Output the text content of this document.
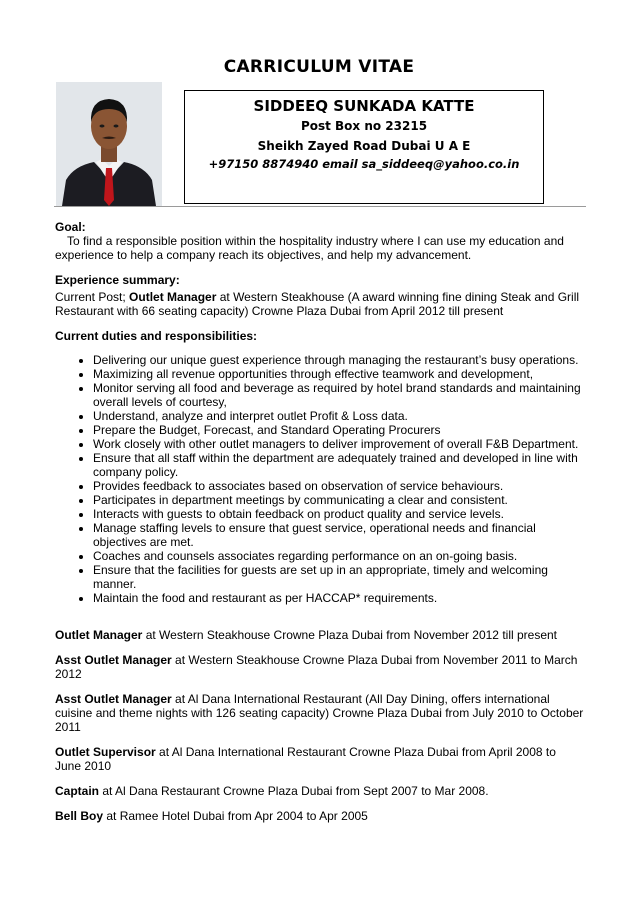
CARRICULUM VITAE
SIDDEEQ SUNKADA KATTE
Post Box no 23215
Sheikh Zayed Road Dubai U A E
+97150 8874940 email sa_siddeeq@yahoo.co.in

Goal:

To find a responsible position within the hospitality industry where I can use my education and experience to help a company reach its objectives, and help my advancement.

Experience summary:

Current Post; Outlet Manager at Western Steakhouse (A award winning fine dining Steak and Grill Restaurant with 66 seating capacity) Crowne Plaza Dubai from April 2012 till present

Current duties and responsibilities:

• Delivering our unique guest experience through managing the restaurant’s busy operations.
• Maximizing all revenue opportunities through effective teamwork and development,
• Monitor serving all food and beverage as required by hotel brand standards and maintaining overall levels of courtesy,
• Understand, analyze and interpret outlet Profit & Loss data.
• Prepare the Budget, Forecast, and Standard Operating Procurers
• Work closely with other outlet managers to deliver improvement of overall F&B Department.
• Ensure that all staff within the department are adequately trained and developed in line with company policy.
• Provides feedback to associates based on observation of service behaviours.
• Participates in department meetings by communicating a clear and consistent.
• Interacts with guests to obtain feedback on product quality and service levels.
• Manage staffing levels to ensure that guest service, operational needs and financial objectives are met.
• Coaches and counsels associates regarding performance on an on-going basis.
• Ensure that the facilities for guests are set up in an appropriate, timely and welcoming manner.
• Maintain the food and restaurant as per HACCAP* requirements.

Outlet Manager at Western Steakhouse Crowne Plaza Dubai from November 2012 till present

Asst Outlet Manager at Western Steakhouse Crowne Plaza Dubai from November 2011 to March 2012

Asst Outlet Manager at Al Dana International Restaurant (All Day Dining, offers international cuisine and theme nights with 126 seating capacity) Crowne Plaza Dubai from July 2010 to October 2011

Outlet Supervisor at Al Dana International Restaurant Crowne Plaza Dubai from April 2008 to June 2010

Captain at Al Dana Restaurant Crowne Plaza Dubai from Sept 2007 to Mar 2008.

Bell Boy at Ramee Hotel Dubai from Apr 2004 to Apr 2005
